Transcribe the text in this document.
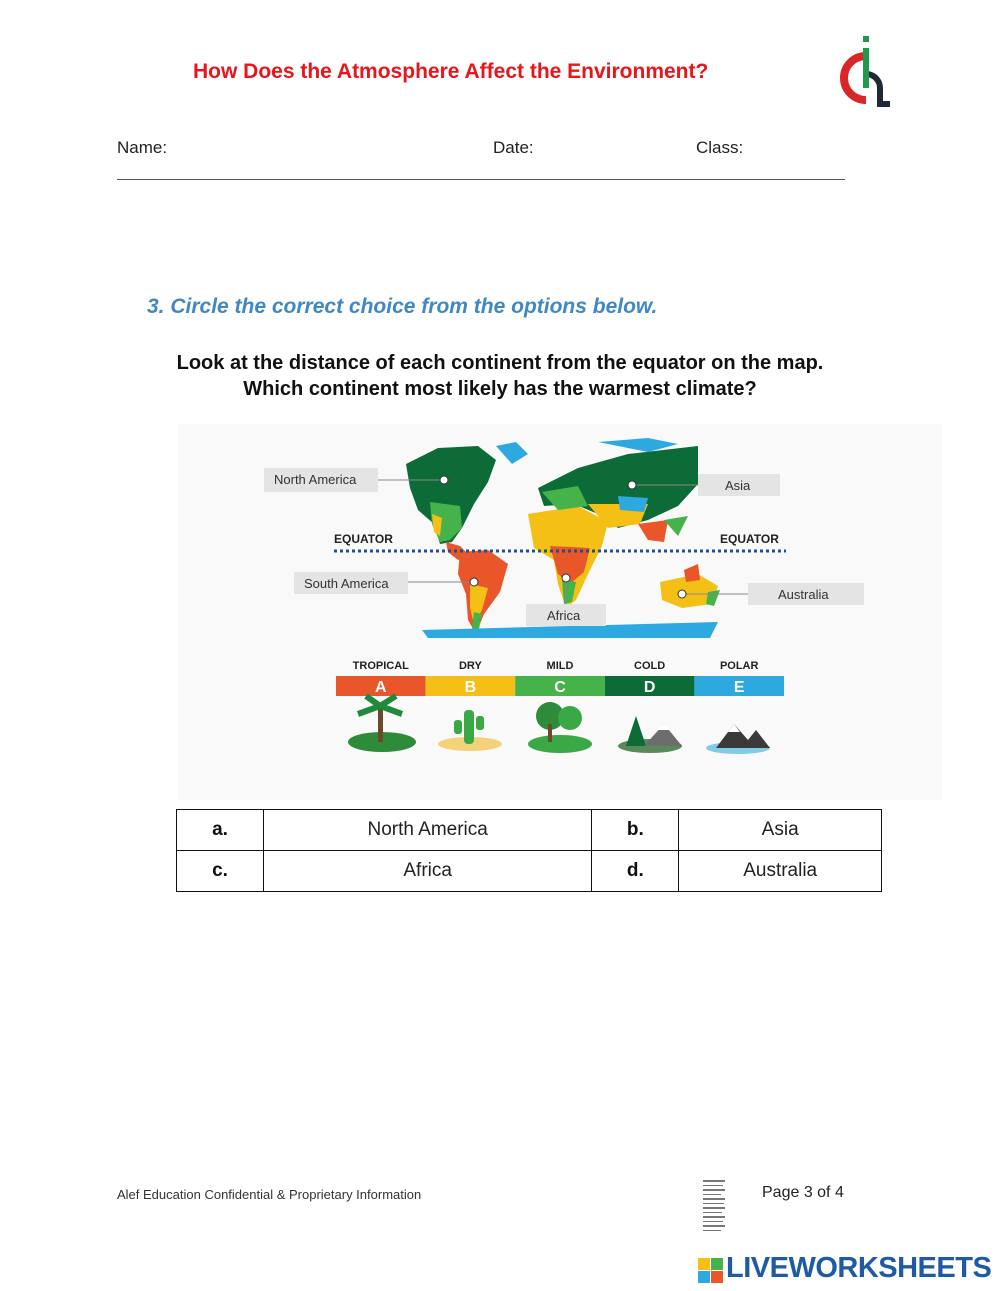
How Does the Atmosphere Affect the Environment?
Name:	Date:	Class:
3. Circle the correct choice from the options below.
Look at the distance of each continent from the equator on the map.
Which continent most likely has the warmest climate?
EQUATOR	EQUATOR
North America	Asia
South America
Africa
Australia
TROPICAL
A
DRY
B
MILD
C
COLD
D
POLAR
E
a.	North America	b.	Asia
c.	Africa	d.	Australia
Alef Education Confidential & Proprietary Information	Page 3 of 4
LIVEWORKSHEETS
